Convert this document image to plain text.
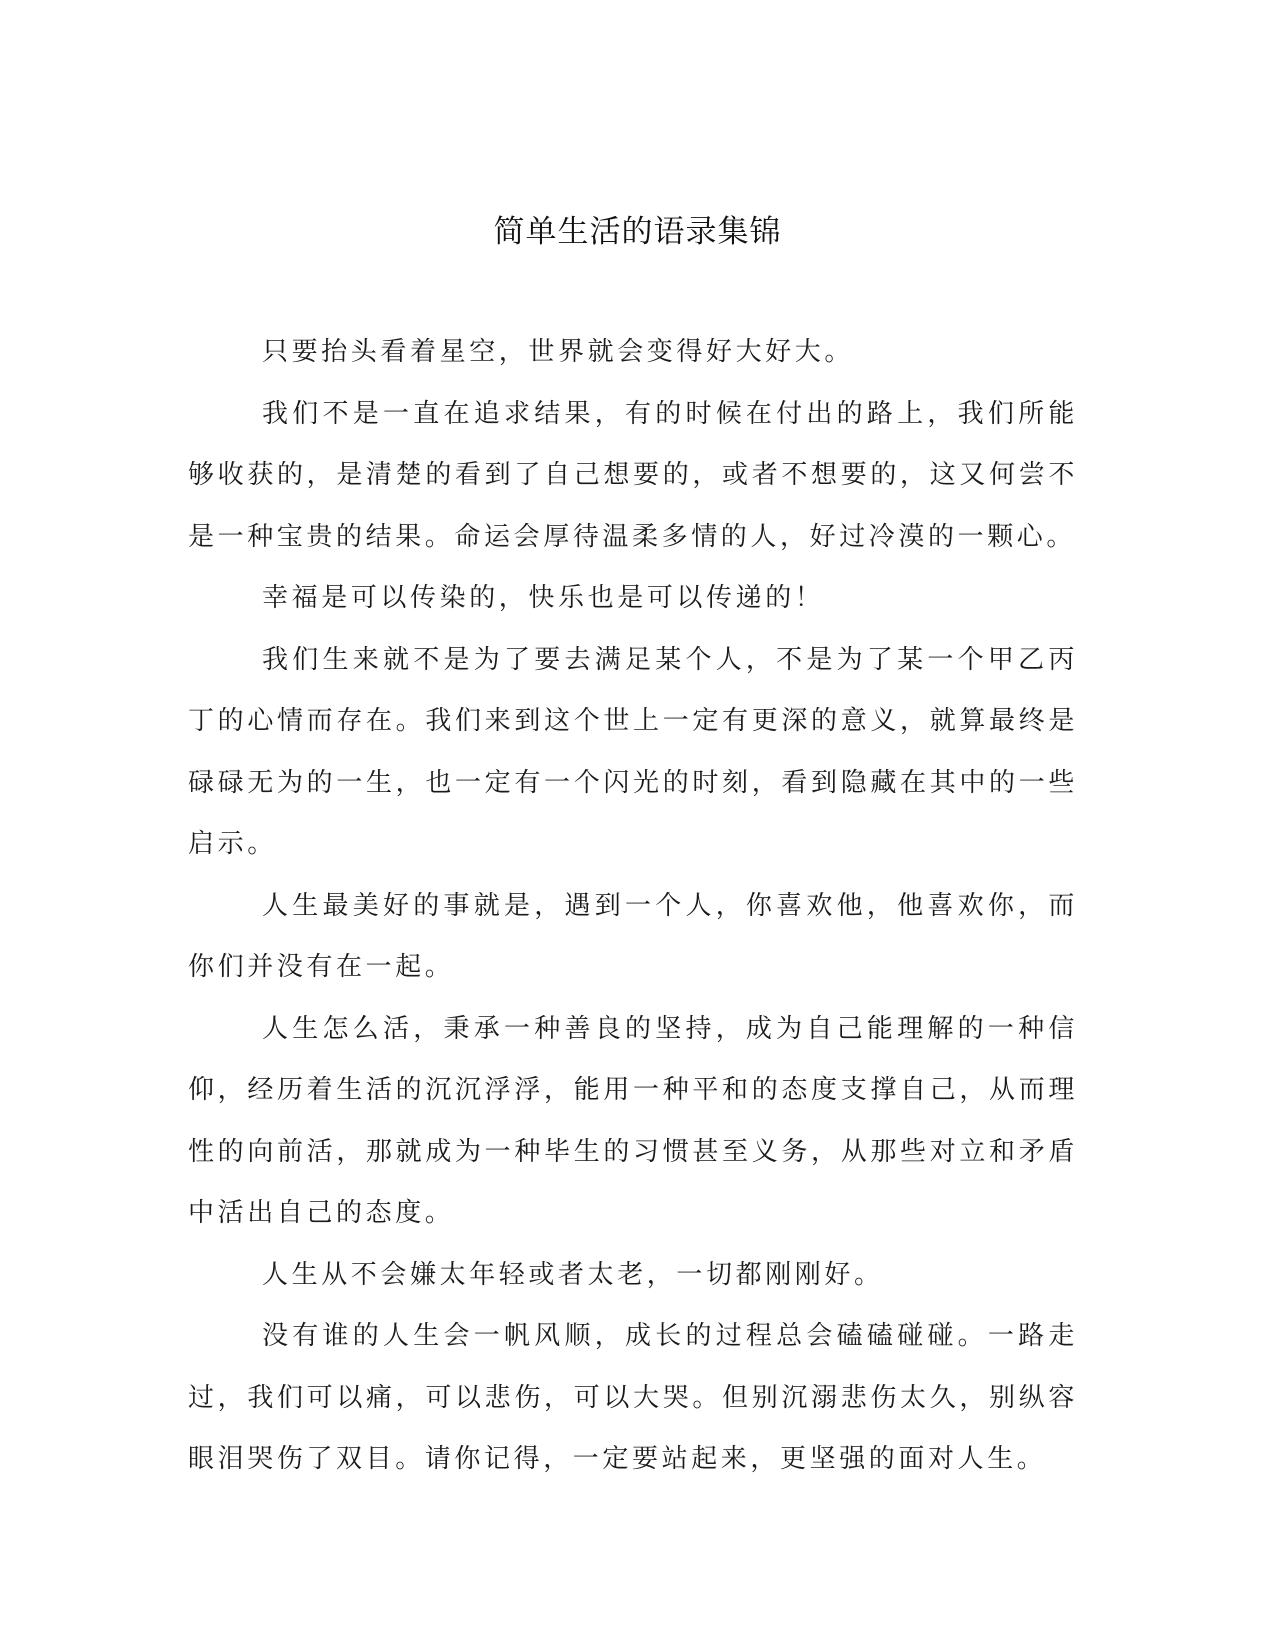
简单生活的语录集锦

只要抬头看着星空，世界就会变得好大好大。

我们不是一直在追求结果，有的时候在付出的路上，我们所能够收获的，是清楚的看到了自己想要的，或者不想要的，这又何尝不是一种宝贵的结果。命运会厚待温柔多情的人，好过冷漠的一颗心。

幸福是可以传染的，快乐也是可以传递的！

我们生来就不是为了要去满足某个人，不是为了某一个甲乙丙丁的心情而存在。我们来到这个世上一定有更深的意义，就算最终是碌碌无为的一生，也一定有一个闪光的时刻，看到隐藏在其中的一些启示。

人生最美好的事就是，遇到一个人，你喜欢他，他喜欢你，而你们并没有在一起。

人生怎么活，秉承一种善良的坚持，成为自己能理解的一种信仰，经历着生活的沉沉浮浮，能用一种平和的态度支撑自己，从而理性的向前活，那就成为一种毕生的习惯甚至义务，从那些对立和矛盾中活出自己的态度。

人生从不会嫌太年轻或者太老，一切都刚刚好。

没有谁的人生会一帆风顺，成长的过程总会磕磕碰碰。一路走过，我们可以痛，可以悲伤，可以大哭。但别沉溺悲伤太久，别纵容眼泪哭伤了双目。请你记得，一定要站起来，更坚强的面对人生。
